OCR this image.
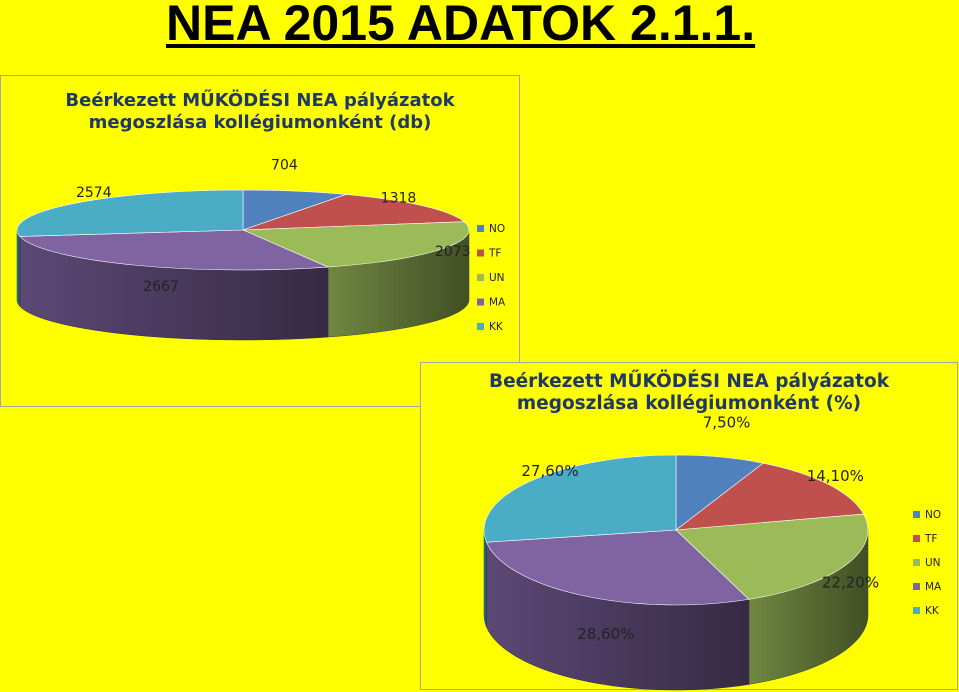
NEA 2015 ADATOK 2.1.1.
Beérkezett MŰKÖDÉSI NEA pályázatok
megoszlása kollégiumonként (db)
704
1318
2073
2667
2574
NO
TF
UN
MA
KK
Beérkezett MŰKÖDÉSI NEA pályázatok
megoszlása kollégiumonként (%)
7,50%
14,10%
22,20%
28,60%
27,60%
NO
TF
UN
MA
KK
